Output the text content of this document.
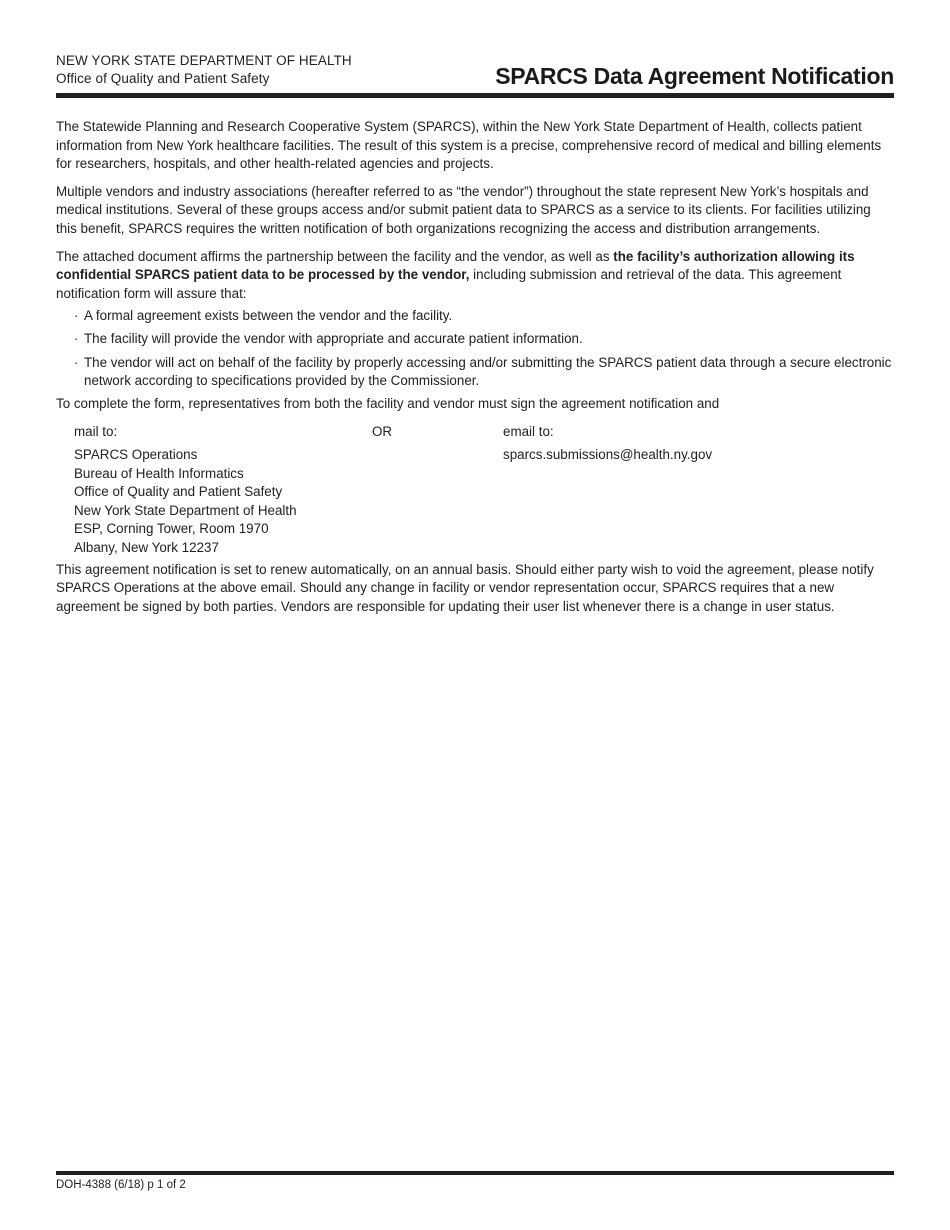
NEW YORK STATE DEPARTMENT OF HEALTH
Office of Quality and Patient Safety	SPARCS Data Agreement Notification

The Statewide Planning and Research Cooperative System (SPARCS), within the New York State Department of Health, collects patient information from New York healthcare facilities. The result of this system is a precise, comprehensive record of medical and billing elements for researchers, hospitals, and other health-related agencies and projects.

Multiple vendors and industry associations (hereafter referred to as “the vendor”) throughout the state represent New York’s hospitals and medical institutions. Several of these groups access and/or submit patient data to SPARCS as a service to its clients. For facilities utilizing this benefit, SPARCS requires the written notification of both organizations recognizing the access and distribution arrangements.

The attached document affirms the partnership between the facility and the vendor, as well as the facility’s authorization allowing its confidential SPARCS patient data to be processed by the vendor, including submission and retrieval of the data. This agreement notification form will assure that:

· A formal agreement exists between the vendor and the facility.
· The facility will provide the vendor with appropriate and accurate patient information.
· The vendor will act on behalf of the facility by properly accessing and/or submitting the SPARCS patient data through a secure electronic network according to specifications provided by the Commissioner.

To complete the form, representatives from both the facility and vendor must sign the agreement notification and

mail to:
SPARCS Operations
Bureau of Health Informatics
Office of Quality and Patient Safety
New York State Department of Health
ESP, Corning Tower, Room 1970
Albany, New York 12237
OR	email to:
sparcs.submissions@health.ny.gov

This agreement notification is set to renew automatically, on an annual basis. Should either party wish to void the agreement, please notify SPARCS Operations at the above email. Should any change in facility or vendor representation occur, SPARCS requires that a new agreement be signed by both parties. Vendors are responsible for updating their user list whenever there is a change in user status.

DOH-4388 (6/18) p 1 of 2
